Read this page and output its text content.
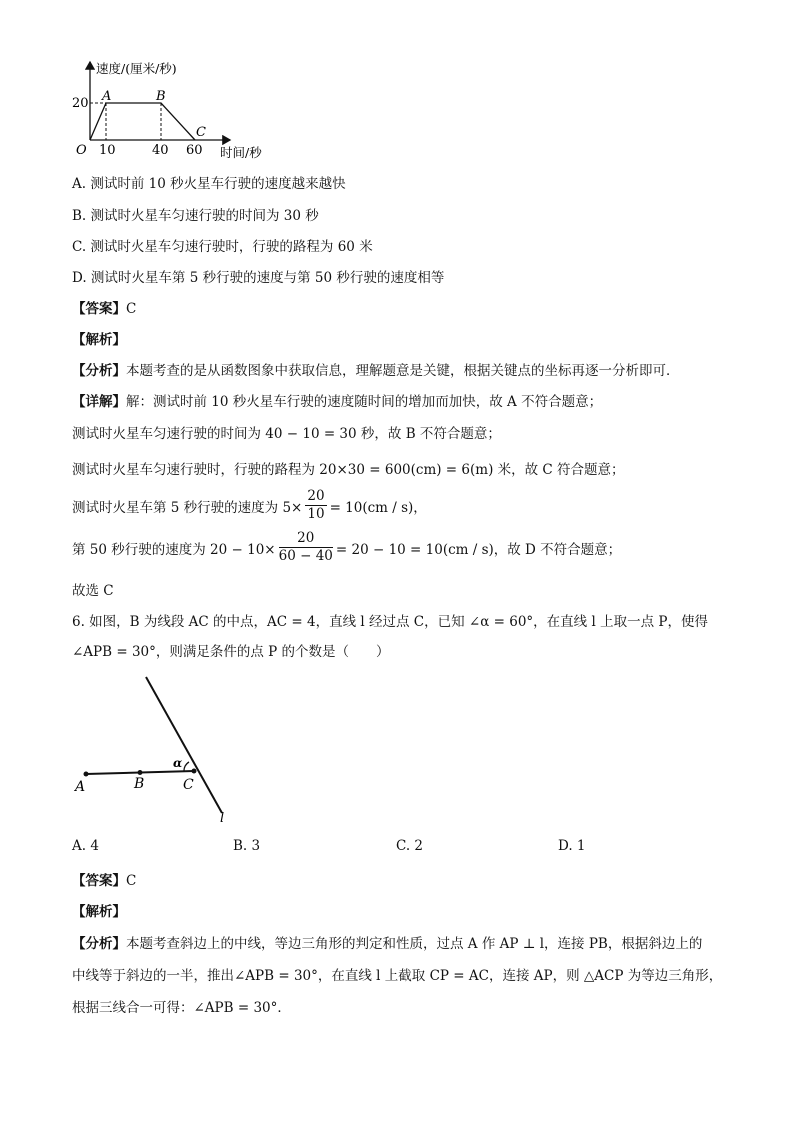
速度/(厘米/秒)
20 A	B
C
O 10	40 60 时间/秒
A. 测试时前 10 秒火星车行驶的速度越来越快
B. 测试时火星车匀速行驶的时间为 30 秒
C. 测试时火星车匀速行驶时，行驶的路程为 60 米
D. 测试时火星车第 5 秒行驶的速度与第 50 秒行驶的速度相等
【答案】C
【解析】
【分析】本题考查的是从函数图象中获取信息，理解题意是关键，根据关键点的坐标再逐一分析即可．
【详解】解：测试时前 10 秒火星车行驶的速度随时间的增加而加快，故 A 不符合题意；
测试时火星车匀速行驶的时间为 40 − 10 = 30 秒，故 B 不符合题意；
测试时火星车匀速行驶时，行驶的路程为 20×30 = 600(cm) = 6(m) 米，故 C 符合题意；
测试时火星车第 5 秒行驶的速度为 $5\times \frac{20}{10} = 10(cm / s)$，
第 50 秒行驶的速度为 $20 - 10\times \frac{20}{60 - 40} = 20 - 10 = 10(cm / s)$，故 D 不符合题意；
故选 C
6. 如图，B 为线段 AC 的中点，AC = 4，直线 l 经过点 C，已知 ∠α = 60°，在直线 l 上取一点 P，使得
∠APB = 30°，则满足条件的点 P 的个数是（　　）
α
A	B	C
l
A. 4	B. 3	C. 2	D. 1
【答案】C
【解析】
【分析】本题考查斜边上的中线，等边三角形的判定和性质，过点 A 作 AP ⊥ l，连接 PB，根据斜边上的
中线等于斜边的一半，推出∠APB = 30°，在直线 l 上截取 CP = AC，连接 AP，则 △ACP 为等边三角形，
根据三线合一可得：∠APB = 30°．
